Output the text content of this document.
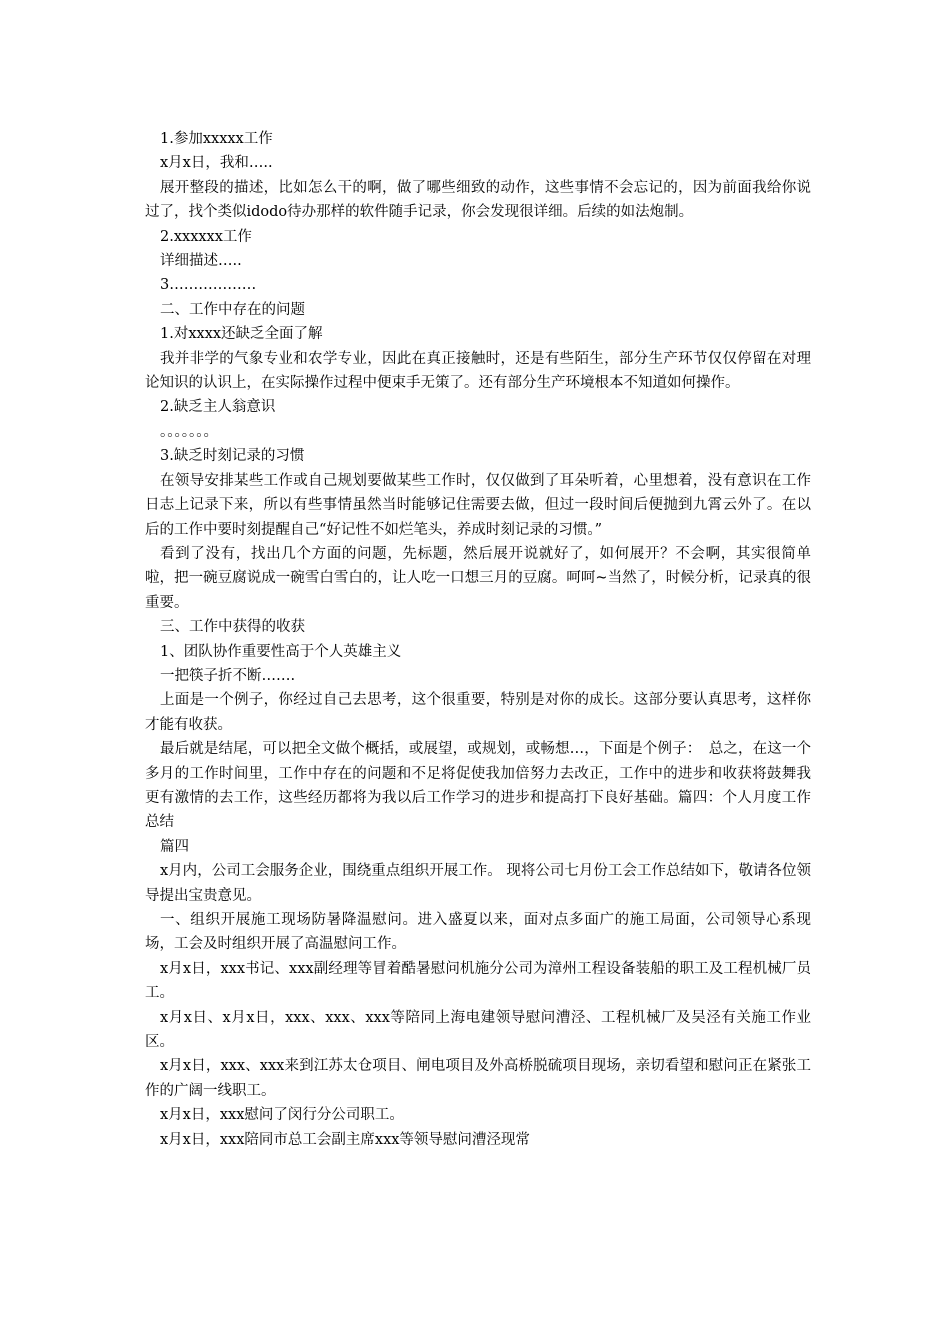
1.参加xxxxx工作

x月x日，我和…..

展开整段的描述，比如怎么干的啊，做了哪些细致的动作，这些事情不会忘记的，因为前面我给你说过了，找个类似idodo待办那样的软件随手记录，你会发现很详细。后续的如法炮制。

2.xxxxxx工作

详细描述…..

3………………

二、工作中存在的问题

1.对xxxx还缺乏全面了解

我并非学的气象专业和农学专业，因此在真正接触时，还是有些陌生，部分生产环节仅仅停留在对理论知识的认识上，在实际操作过程中便束手无策了。还有部分生产环境根本不知道如何操作。

2.缺乏主人翁意识

。。。。。。。

3.缺乏时刻记录的习惯

在领导安排某些工作或自己规划要做某些工作时，仅仅做到了耳朵听着，心里想着，没有意识在工作日志上记录下来，所以有些事情虽然当时能够记住需要去做，但过一段时间后便抛到九霄云外了。在以后的工作中要时刻提醒自己“好记性不如烂笔头，养成时刻记录的习惯。”

看到了没有，找出几个方面的问题，先标题，然后展开说就好了，如何展开？不会啊，其实很简单啦，把一碗豆腐说成一碗雪白雪白的，让人吃一口想三月的豆腐。呵呵~当然了，时候分析，记录真的很重要。

三、工作中获得的收获

1、团队协作重要性高于个人英雄主义

一把筷子折不断…….

上面是一个例子，你经过自己去思考，这个很重要，特别是对你的成长。这部分要认真思考，这样你才能有收获。

最后就是结尾，可以把全文做个概括，或展望，或规划，或畅想…，下面是个例子：　总之，在这一个多月的工作时间里，工作中存在的问题和不足将促使我加倍努力去改正，工作中的进步和收获将鼓舞我更有激情的去工作，这些经历都将为我以后工作学习的进步和提高打下良好基础。篇四：个人月度工作总结

篇四

x月内，公司工会服务企业，围绕重点组织开展工作。 现将公司七月份工会工作总结如下，敬请各位领导提出宝贵意见。

一、组织开展施工现场防暑降温慰问。进入盛夏以来，面对点多面广的施工局面，公司领导心系现场，工会及时组织开展了高温慰问工作。

x月x日，xxx书记、xxx副经理等冒着酷暑慰问机施分公司为漳州工程设备装船的职工及工程机械厂员工。

x月x日、x月x日，xxx、xxx、xxx等陪同上海电建领导慰问漕泾、工程机械厂及吴泾有关施工作业区。

x月x日，xxx、xxx来到江苏太仓项目、闸电项目及外高桥脱硫项目现场，亲切看望和慰问正在紧张工作的广阔一线职工。

x月x日，xxx慰问了闵行分公司职工。

x月x日，xxx陪同市总工会副主席xxx等领导慰问漕泾现常
